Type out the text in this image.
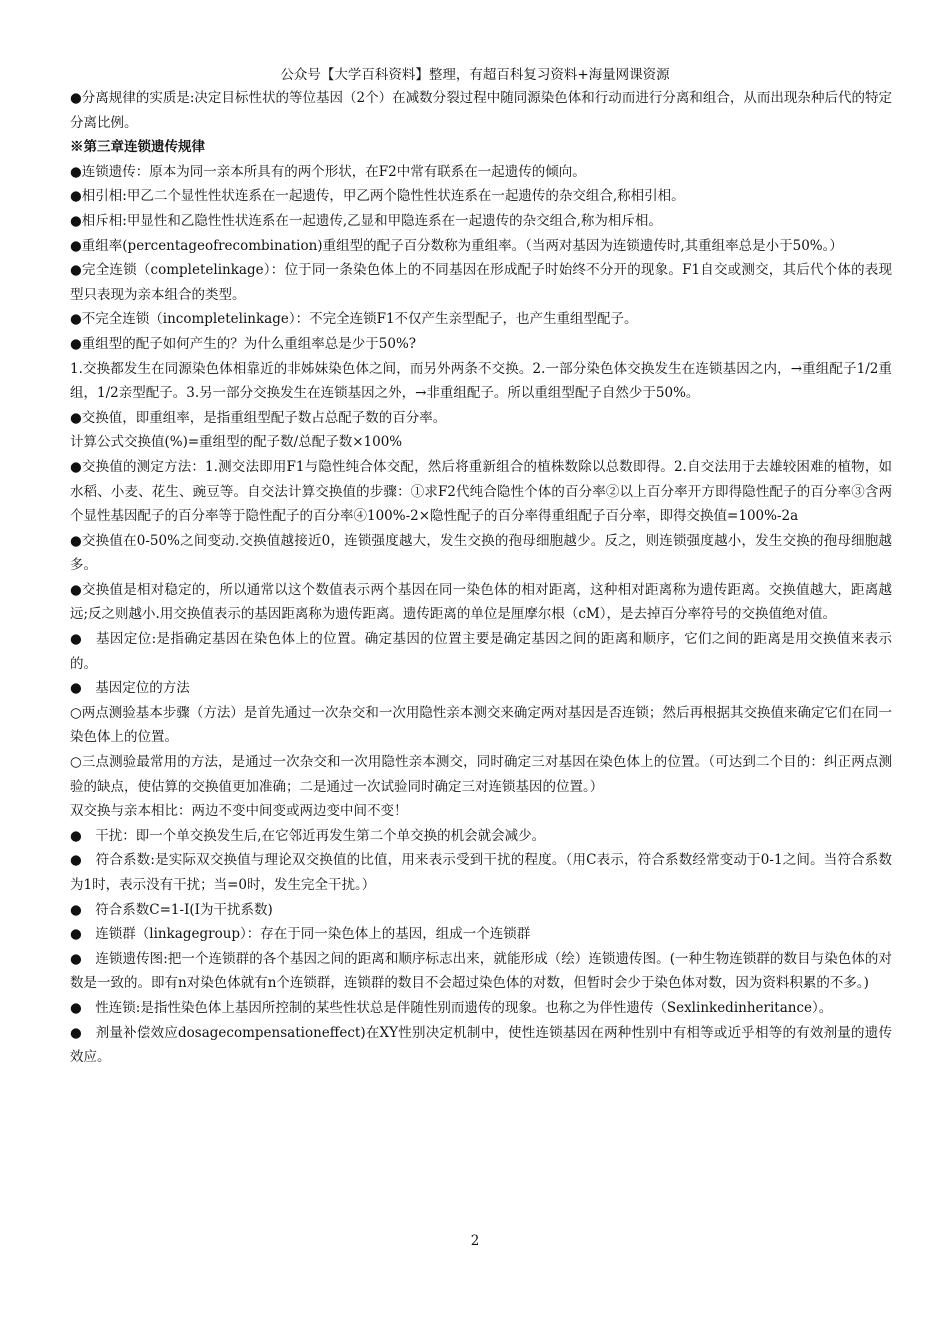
公众号【大学百科资料】整理，有超百科复习资料+海量网课资源

●分离规律的实质是:决定目标性状的等位基因（2个）在减数分裂过程中随同源染色体和行动而进行分离和组合，从而出现杂种后代的特定分离比例。

※第三章连锁遗传规律

●连锁遗传：原本为同一亲本所具有的两个形状，在F2中常有联系在一起遗传的倾向。

●相引相:甲乙二个显性性状连系在一起遗传，甲乙两个隐性性状连系在一起遗传的杂交组合,称相引相。

●相斥相:甲显性和乙隐性性状连系在一起遗传,乙显和甲隐连系在一起遗传的杂交组合,称为相斥相。

●重组率(percentageofrecombination)重组型的配子百分数称为重组率。（当两对基因为连锁遗传时,其重组率总是小于50%。）

●完全连锁（completelinkage）：位于同一条染色体上的不同基因在形成配子时始终不分开的现象。F1自交或测交，其后代个体的表现型只表现为亲本组合的类型。

●不完全连锁（incompletelinkage）：不完全连锁F1不仅产生亲型配子，也产生重组型配子。

●重组型的配子如何产生的？为什么重组率总是少于50%?

1.交换都发生在同源染色体相靠近的非姊妹染色体之间，而另外两条不交换。2.一部分染色体交换发生在连锁基因之内，→重组配子1/2重组，1/2亲型配子。3.另一部分交换发生在连锁基因之外，→非重组配子。所以重组型配子自然少于50%。

●交换值，即重组率，是指重组型配子数占总配子数的百分率。

计算公式交换值(%)=重组型的配子数/总配子数×100%

●交换值的测定方法：1.测交法即用F1与隐性纯合体交配，然后将重新组合的植株数除以总数即得。2.自交法用于去雄较困难的植物，如水稻、小麦、花生、豌豆等。自交法计算交换值的步骤：①求F2代纯合隐性个体的百分率②以上百分率开方即得隐性配子的百分率③含两个显性基因配子的百分率等于隐性配子的百分率④100%-2×隐性配子的百分率得重组配子百分率，即得交换值=100%-2a

●交换值在0-50%之间变动.交换值越接近0，连锁强度越大，发生交换的孢母细胞越少。反之，则连锁强度越小，发生交换的孢母细胞越多。

●交换值是相对稳定的，所以通常以这个数值表示两个基因在同一染色体的相对距离，这种相对距离称为遗传距离。交换值越大，距离越远;反之则越小.用交换值表示的基因距离称为遗传距离。遗传距离的单位是厘摩尔根（cM），是去掉百分率符号的交换值绝对值。

●　基因定位:是指确定基因在染色体上的位置。确定基因的位置主要是确定基因之间的距离和顺序，它们之间的距离是用交换值来表示的。

●　基因定位的方法

○两点测验基本步骤（方法）是首先通过一次杂交和一次用隐性亲本测交来确定两对基因是否连锁；然后再根据其交换值来确定它们在同一染色体上的位置。

○三点测验最常用的方法，是通过一次杂交和一次用隐性亲本测交，同时确定三对基因在染色体上的位置。（可达到二个目的：纠正两点测验的缺点，使估算的交换值更加准确；二是通过一次试验同时确定三对连锁基因的位置。）

双交换与亲本相比：两边不变中间变或两边变中间不变！

●　干扰：即一个单交换发生后,在它邻近再发生第二个单交换的机会就会减少。

●　符合系数:是实际双交换值与理论双交换值的比值，用来表示受到干扰的程度。（用C表示，符合系数经常变动于0-1之间。当符合系数为1时，表示没有干扰；当=0时，发生完全干扰。）

●　符合系数C=1-I(I为干扰系数)

●　连锁群（linkagegroup）：存在于同一染色体上的基因，组成一个连锁群

●　连锁遗传图:把一个连锁群的各个基因之间的距离和顺序标志出来，就能形成（绘）连锁遗传图。(一种生物连锁群的数目与染色体的对数是一致的。即有n对染色体就有n个连锁群，连锁群的数目不会超过染色体的对数，但暂时会少于染色体对数，因为资料积累的不多。)

●　性连锁:是指性染色体上基因所控制的某些性状总是伴随性别而遗传的现象。也称之为伴性遗传（Sexlinkedinheritance）。

●　剂量补偿效应dosagecompensationeffect)在XY性别决定机制中，使性连锁基因在两种性别中有相等或近乎相等的有效剂量的遗传效应。

2
